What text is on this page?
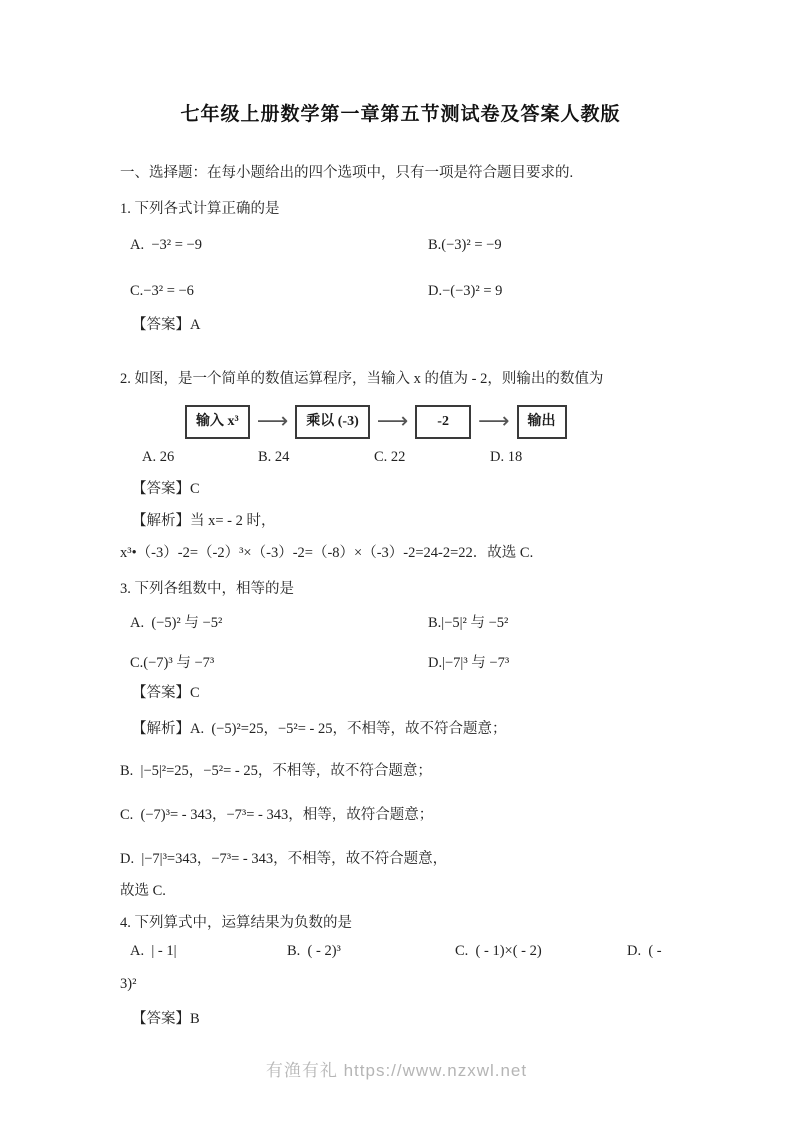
七年级上册数学第一章第五节测试卷及答案人教版
一、选择题：在每小题给出的四个选项中，只有一项是符合题目要求的.
1. 下列各式计算正确的是
A.  −3² = −9	B.(−3)² = −9
C.−3² = −6	D.−(−3)² = 9
【答案】A
2. 如图，是一个简单的数值运算程序，当输入 x 的值为 - 2，则输出的数值为
输入 x³ ⟶	乘以 (-3) ⟶	-2	⟶	输出
A. 26	B. 24	C. 22	D. 18
【答案】C
【解析】当 x= - 2 时，
x³•（-3）-2=（-2）³×（-3）-2=（-8）×（-3）-2=24-2=22．故选 C.
3. 下列各组数中，相等的是
A.  (−5)² 与 −5²	B.|−5|² 与 −5²
C.(−7)³ 与 −7³	D.|−7|³ 与 −7³
【答案】C
【解析】A.  (−5)²=25，−5²= - 25，不相等，故不符合题意；
B.  |−5|²=25，−5²= - 25，不相等，故不符合题意；
C.  (−7)³= - 343，−7³= - 343，相等，故符合题意；
D.  |−7|³=343，−7³= - 343，不相等，故不符合题意，
故选 C.
4. 下列算式中，运算结果为负数的是
A.  | - 1|	B.  ( - 2)³	C.  ( - 1)×( - 2)	D.  ( -
3)²
【答案】B
有渔有礼 https://www.nzxwl.net
